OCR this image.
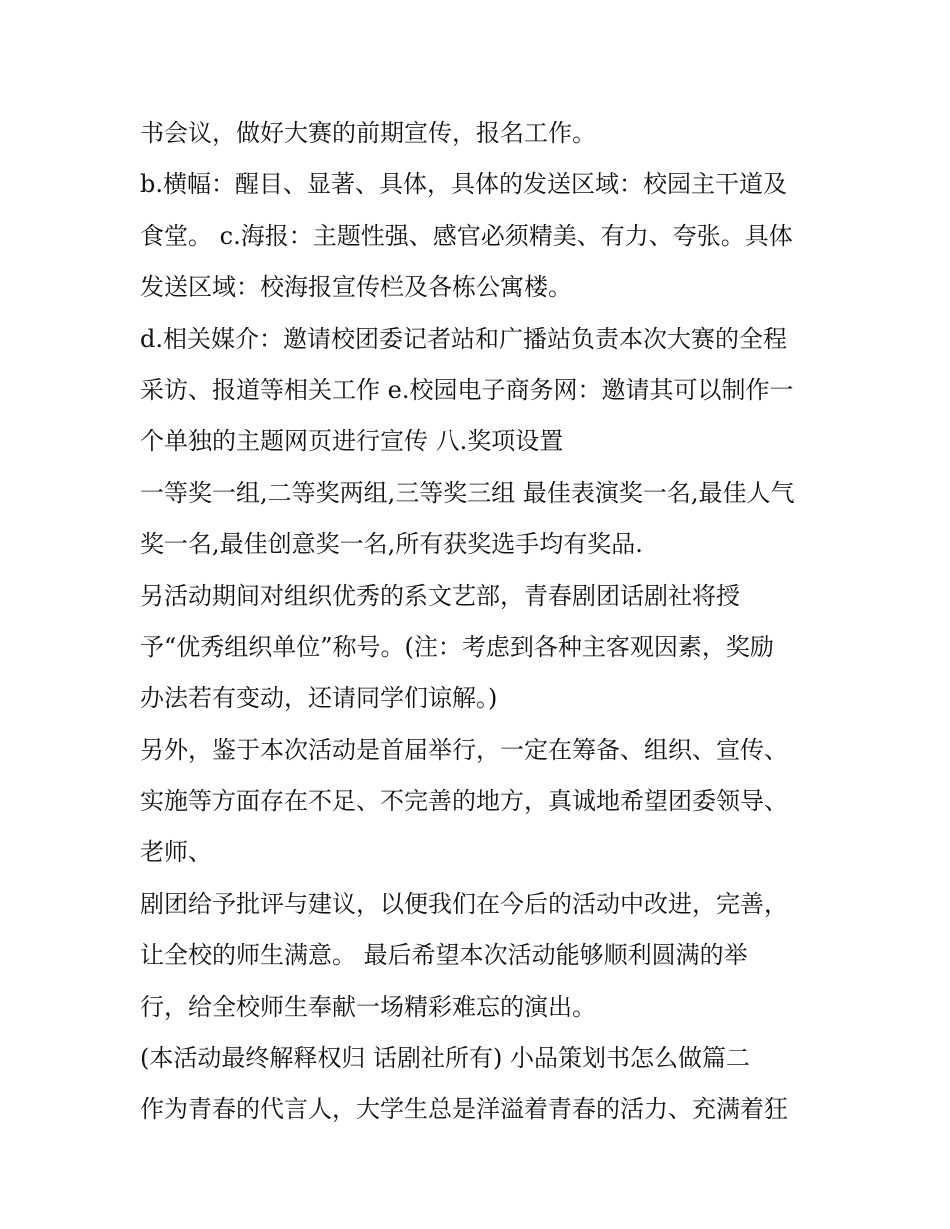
书会议，做好大赛的前期宣传，报名工作。
b.横幅：醒目、显著、具体，具体的发送区域：校园主干道及
食堂。 c.海报：主题性强、感官必须精美、有力、夸张。具体
发送区域：校海报宣传栏及各栋公寓楼。
d.相关媒介：邀请校团委记者站和广播站负责本次大赛的全程
采访、报道等相关工作 e.校园电子商务网：邀请其可以制作一
个单独的主题网页进行宣传 八.奖项设置
一等奖一组,二等奖两组,三等奖三组 最佳表演奖一名,最佳人气
奖一名,最佳创意奖一名,所有获奖选手均有奖品.
另活动期间对组织优秀的系文艺部，青春剧团话剧社将授
予“优秀组织单位”称号。(注：考虑到各种主客观因素，奖励
办法若有变动，还请同学们谅解。)
另外，鉴于本次活动是首届举行，一定在筹备、组织、宣传、
实施等方面存在不足、不完善的地方，真诚地希望团委领导、
老师、
剧团给予批评与建议，以便我们在今后的活动中改进，完善，
让全校的师生满意。 最后希望本次活动能够顺利圆满的举
行，给全校师生奉献一场精彩难忘的演出。
(本活动最终解释权归 话剧社所有) 小品策划书怎么做篇二
作为青春的代言人，大学生总是洋溢着青春的活力、充满着狂
